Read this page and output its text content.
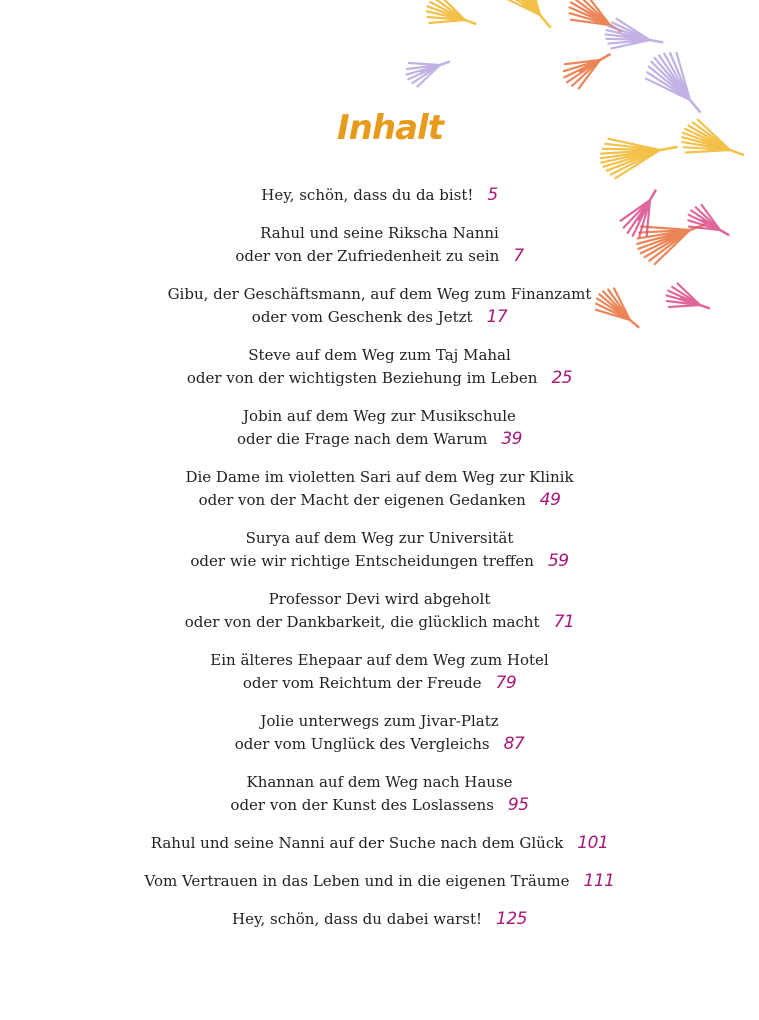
Inhalt
Hey, schön, dass du da bist! 5
Rahul und seine Rikscha Nanni
oder von der Zufriedenheit zu sein 7
Gibu, der Geschäftsmann, auf dem Weg zum Finanzamt
oder vom Geschenk des Jetzt 17
Steve auf dem Weg zum Taj Mahal
oder von der wichtigsten Beziehung im Leben 25
Jobin auf dem Weg zur Musikschule
oder die Frage nach dem Warum 39
Die Dame im violetten Sari auf dem Weg zur Klinik
oder von der Macht der eigenen Gedanken 49
Surya auf dem Weg zur Universität
oder wie wir richtige Entscheidungen treffen 59
Professor Devi wird abgeholt
oder von der Dankbarkeit, die glücklich macht 71
Ein älteres Ehepaar auf dem Weg zum Hotel
oder vom Reichtum der Freude 79
Jolie unterwegs zum Jivar-Platz
oder vom Unglück des Vergleichs 87
Khannan auf dem Weg nach Hause
oder von der Kunst des Loslassens 95
Rahul und seine Nanni auf der Suche nach dem Glück 101
Vom Vertrauen in das Leben und in die eigenen Träume 111
Hey, schön, dass du dabei warst! 125
